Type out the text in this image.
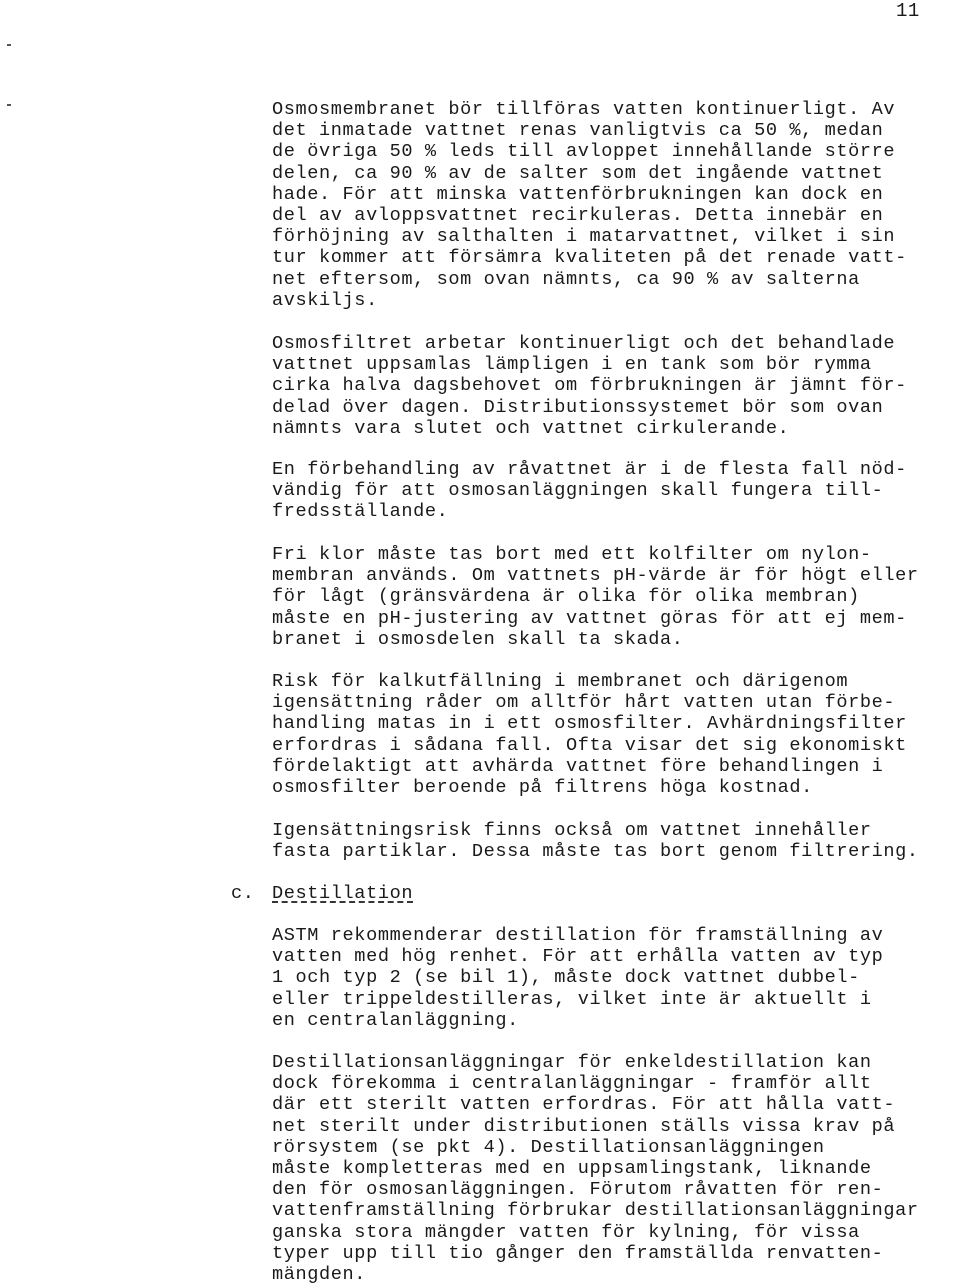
11

Osmosmembranet bör tillföras vatten kontinuerligt. Av
det inmatade vattnet renas vanligtvis ca 50 %, medan
de övriga 50 % leds till avloppet innehållande större
delen, ca 90 % av de salter som det ingående vattnet
hade. För att minska vattenförbrukningen kan dock en
del av avloppsvattnet recirkuleras. Detta innebär en
förhöjning av salthalten i matarvattnet, vilket i sin
tur kommer att försämra kvaliteten på det renade vatt-
net eftersom, som ovan nämnts, ca 90 % av salterna
avskiljs.

Osmosfiltret arbetar kontinuerligt och det behandlade
vattnet uppsamlas lämpligen i en tank som bör rymma
cirka halva dagsbehovet om förbrukningen är jämnt för-
delad över dagen. Distributionssystemet bör som ovan
nämnts vara slutet och vattnet cirkulerande.

En förbehandling av råvattnet är i de flesta fall nöd-
vändig för att osmosanläggningen skall fungera till-
fredsställande.

Fri klor måste tas bort med ett kolfilter om nylon-
membran används. Om vattnets pH-värde är för högt eller
för lågt (gränsvärdena är olika för olika membran)
måste en pH-justering av vattnet göras för att ej mem-
branet i osmosdelen skall ta skada.

Risk för kalkutfällning i membranet och därigenom
igensättning råder om alltför hårt vatten utan förbe-
handling matas in i ett osmosfilter. Avhärdningsfilter
erfordras i sådana fall. Ofta visar det sig ekonomiskt
fördelaktigt att avhärda vattnet före behandlingen i
osmosfilter beroende på filtrens höga kostnad.

Igensättningsrisk finns också om vattnet innehåller
fasta partiklar. Dessa måste tas bort genom filtrering.

c. Destillation

ASTM rekommenderar destillation för framställning av
vatten med hög renhet. För att erhålla vatten av typ
1 och typ 2 (se bil 1), måste dock vattnet dubbel-
eller trippeldestilleras, vilket inte är aktuellt i
en centralanläggning.

Destillationsanläggningar för enkeldestillation kan
dock förekomma i centralanläggningar - framför allt
där ett sterilt vatten erfordras. För att hålla vatt-
net sterilt under distributionen ställs vissa krav på
rörsystem (se pkt 4). Destillationsanläggningen
måste kompletteras med en uppsamlingstank, liknande
den för osmosanläggningen. Förutom råvatten för ren-
vattenframställning förbrukar destillationsanläggningar
ganska stora mängder vatten för kylning, för vissa
typer upp till tio gånger den framställda renvatten-
mängden.
